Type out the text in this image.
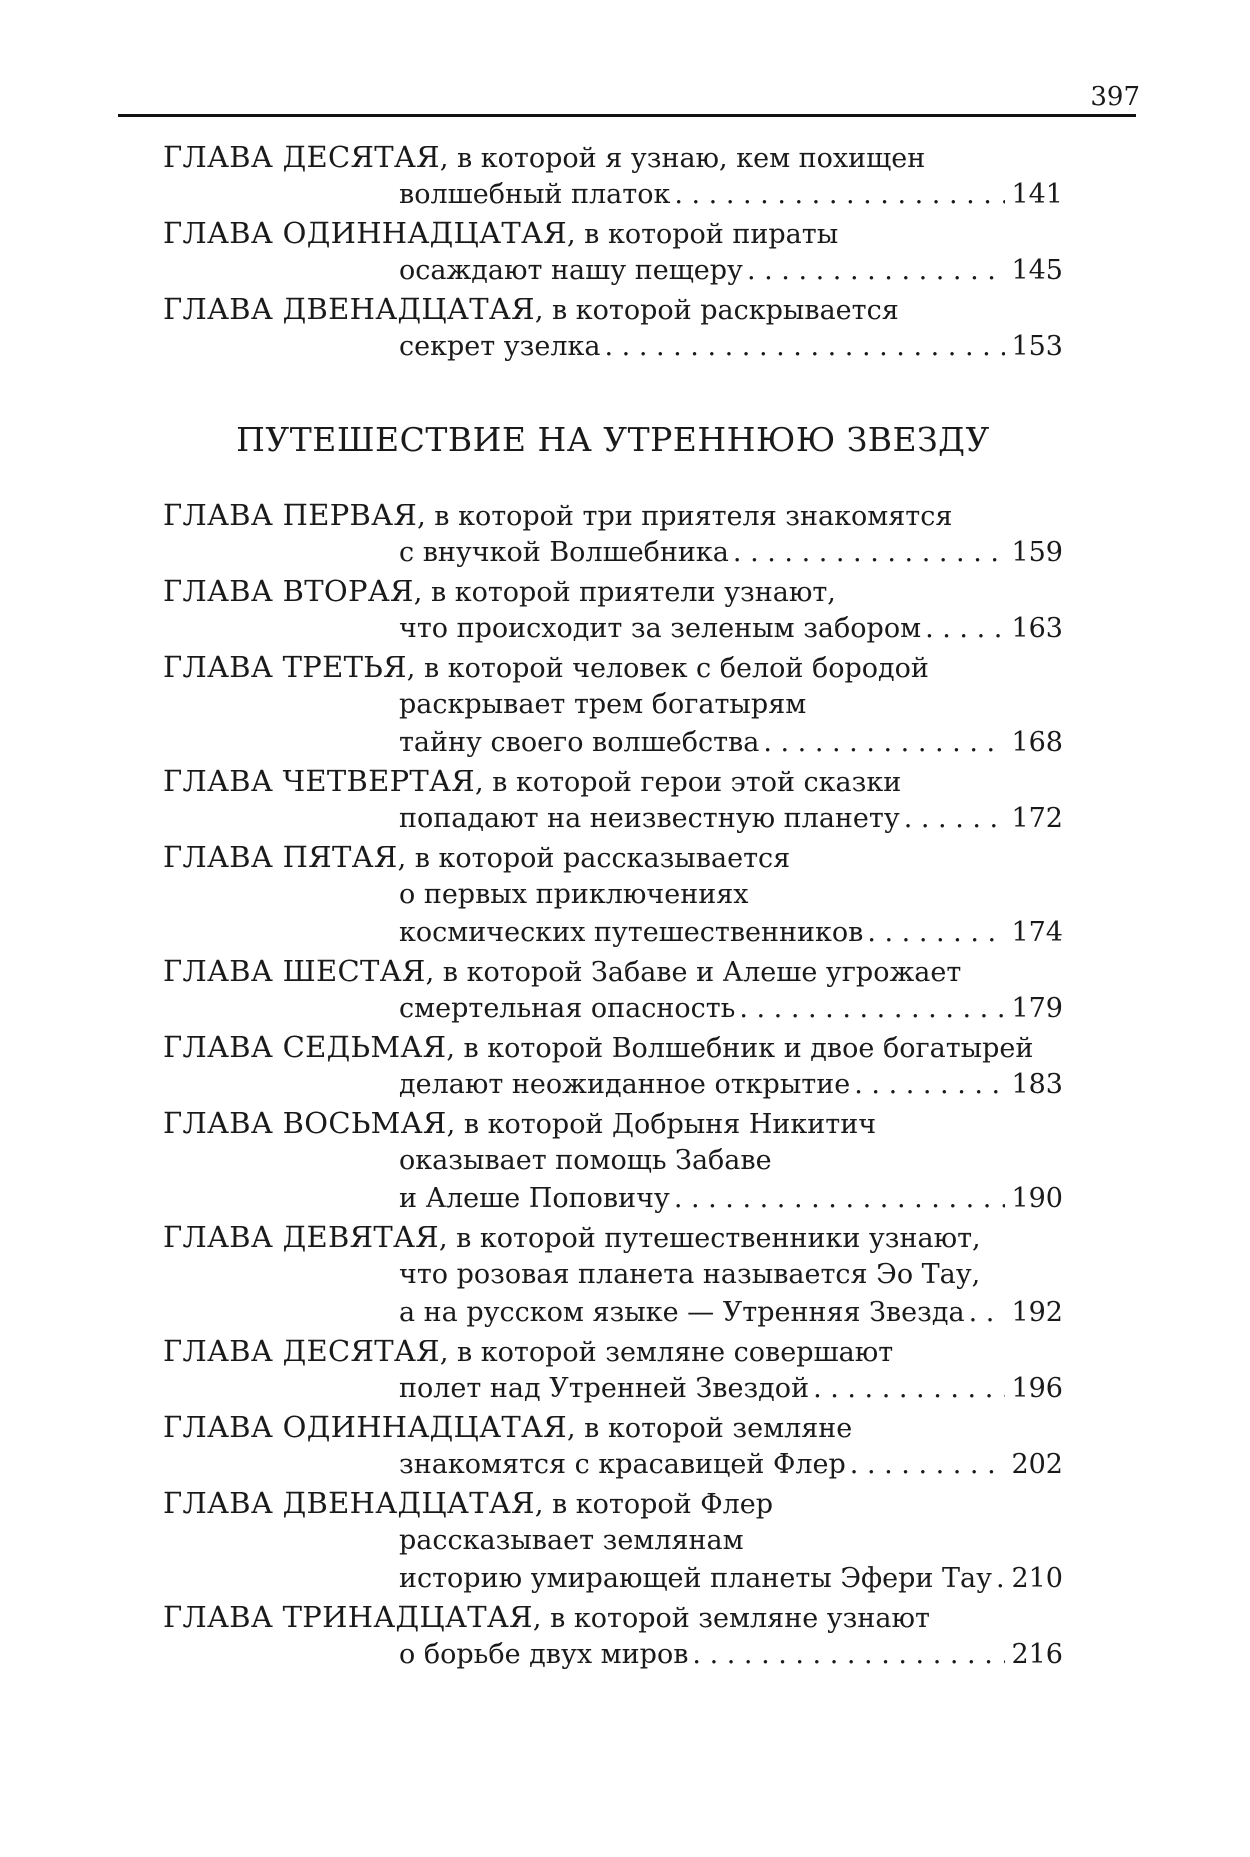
397
ГЛАВА ДЕСЯТАЯ, в которой я узнаю, кем похищен
волшебный платок . . .	141
ГЛАВА ОДИННАДЦАТАЯ, в которой пираты
осаждают нашу пещеру . . .	145
ГЛАВА ДВЕНАДЦАТАЯ, в которой раскрывается
секрет узелка . . .	153
ПУТЕШЕСТВИЕ НА УТРЕННЮЮ ЗВЕЗДУ
ГЛАВА ПЕРВАЯ, в которой три приятеля знакомятся
с внучкой Волшебника . . .	159
ГЛАВА ВТОРАЯ, в которой приятели узнают,
что происходит за зеленым забором . . .	163
ГЛАВА ТРЕТЬЯ, в которой человек с белой бородой
раскрывает трем богатырям
тайну своего волшебства . . .	168
ГЛАВА ЧЕТВЕРТАЯ, в которой герои этой сказки
попадают на неизвестную планету . . .	172
ГЛАВА ПЯТАЯ, в которой рассказывается
о первых приключениях
космических путешественников . . .	174
ГЛАВА ШЕСТАЯ, в которой Забаве и Алеше угрожает
смертельная опасность . . .	179
ГЛАВА СЕДЬМАЯ, в которой Волшебник и двое богатырей
делают неожиданное открытие . . .	183
ГЛАВА ВОСЬМАЯ, в которой Добрыня Никитич
оказывает помощь Забаве
и Алеше Поповичу . . .	190
ГЛАВА ДЕВЯТАЯ, в которой путешественники узнают,
что розовая планета называется Эо Тау,
а на русском языке — Утренняя Звезда . . . 192
ГЛАВА ДЕСЯТАЯ, в которой земляне совершают
полет над Утренней Звездой . . .	196
ГЛАВА ОДИННАДЦАТАЯ, в которой земляне
знакомятся с красавицей Флер . . .	202
ГЛАВА ДВЕНАДЦАТАЯ, в которой Флер
рассказывает землянам
историю умирающей планеты Эфери Тау . . . 210
ГЛАВА ТРИНАДЦАТАЯ, в которой земляне узнают
о борьбе двух миров . . .	216
